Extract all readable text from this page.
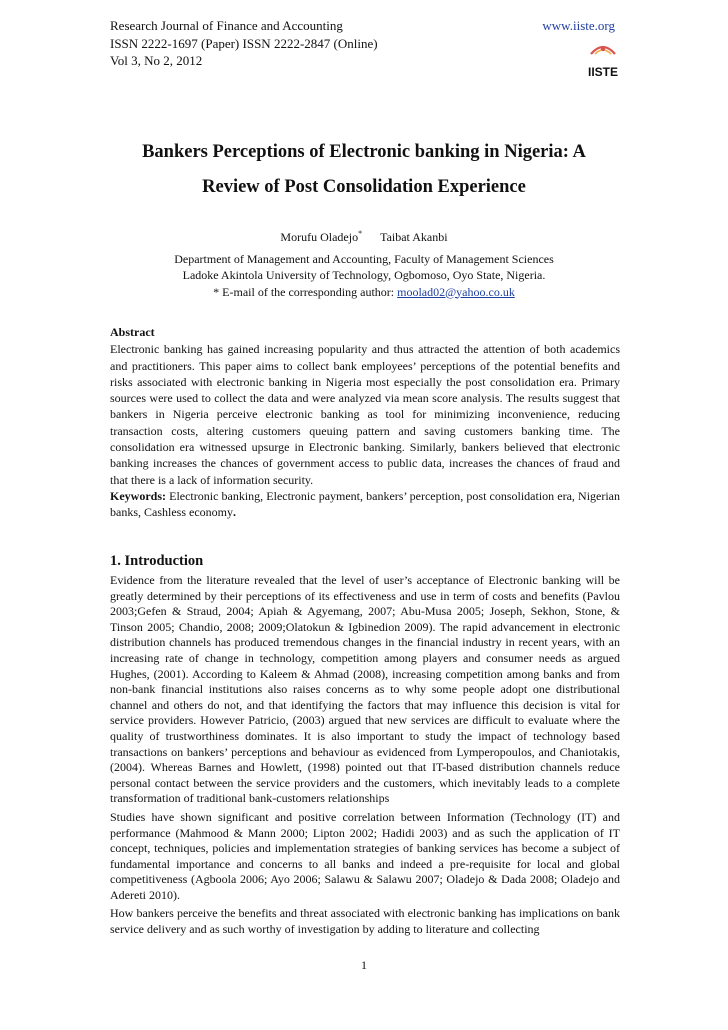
Research Journal of Finance and Accounting	www.iiste.org
ISSN 2222-1697 (Paper) ISSN 2222-2847 (Online)
Vol 3, No 2, 2012
IISTE
Bankers Perceptions of Electronic banking in Nigeria: A
Review of Post Consolidation Experience
Morufu Oladejo* Taibat Akanbi
Department of Management and Accounting, Faculty of Management Sciences
Ladoke Akintola University of Technology, Ogbomoso, Oyo State, Nigeria.
* E-mail of the corresponding author: moolad02@yahoo.co.uk
Abstract
Electronic banking has gained increasing popularity and thus attracted the attention of both academics and practitioners. This paper aims to collect bank employees’ perceptions of the potential benefits and risks associated with electronic banking in Nigeria most especially the post consolidation era. Primary sources were used to collect the data and were analyzed via mean score analysis. The results suggest that bankers in Nigeria perceive electronic banking as tool for minimizing inconvenience, reducing transaction costs, altering customers queuing pattern and saving customers banking time. The consolidation era witnessed upsurge in Electronic banking. Similarly, bankers believed that electronic banking increases the chances of government access to public data, increases the chances of fraud and that there is a lack of information security.
Keywords: Electronic banking, Electronic payment, bankers’ perception, post consolidation era, Nigerian banks, Cashless economy.
1. Introduction

Evidence from the literature revealed that the level of user’s acceptance of Electronic banking will be greatly determined by their perceptions of its effectiveness and use in term of costs and benefits (Pavlou 2003;Gefen & Straud, 2004; Apiah & Agyemang, 2007; Abu-Musa 2005; Joseph, Sekhon, Stone, & Tinson 2005; Chandio, 2008; 2009;Olatokun & Igbinedion 2009). The rapid advancement in electronic distribution channels has produced tremendous changes in the financial industry in recent years, with an increasing rate of change in technology, competition among players and consumer needs as argued Hughes, (2001). According to Kaleem & Ahmad (2008), increasing competition among banks and from non-bank financial institutions also raises concerns as to why some people adopt one distributional channel and others do not, and that identifying the factors that may influence this decision is vital for service providers. However Patricio, (2003) argued that new services are difficult to evaluate where the quality of trustworthiness dominates. It is also important to study the impact of technology based transactions on bankers’ perceptions and behaviour as evidenced from Lymperopoulos, and Chaniotakis, (2004). Whereas Barnes and Howlett, (1998) pointed out that IT-based distribution channels reduce personal contact between the service providers and the customers, which inevitably leads to a complete transformation of traditional bank-customers relationships

Studies have shown significant and positive correlation between Information (Technology (IT) and performance (Mahmood & Mann 2000; Lipton 2002; Hadidi 2003) and as such the application of IT concept, techniques, policies and implementation strategies of banking services has become a subject of fundamental importance and concerns to all banks and indeed a pre-requisite for local and global competitiveness (Agboola 2006; Ayo 2006; Salawu & Salawu 2007; Oladejo & Dada 2008; Oladejo and Adereti 2010).

How bankers perceive the benefits and threat associated with electronic banking has implications on bank service delivery and as such worthy of investigation by adding to literature and collecting

1
